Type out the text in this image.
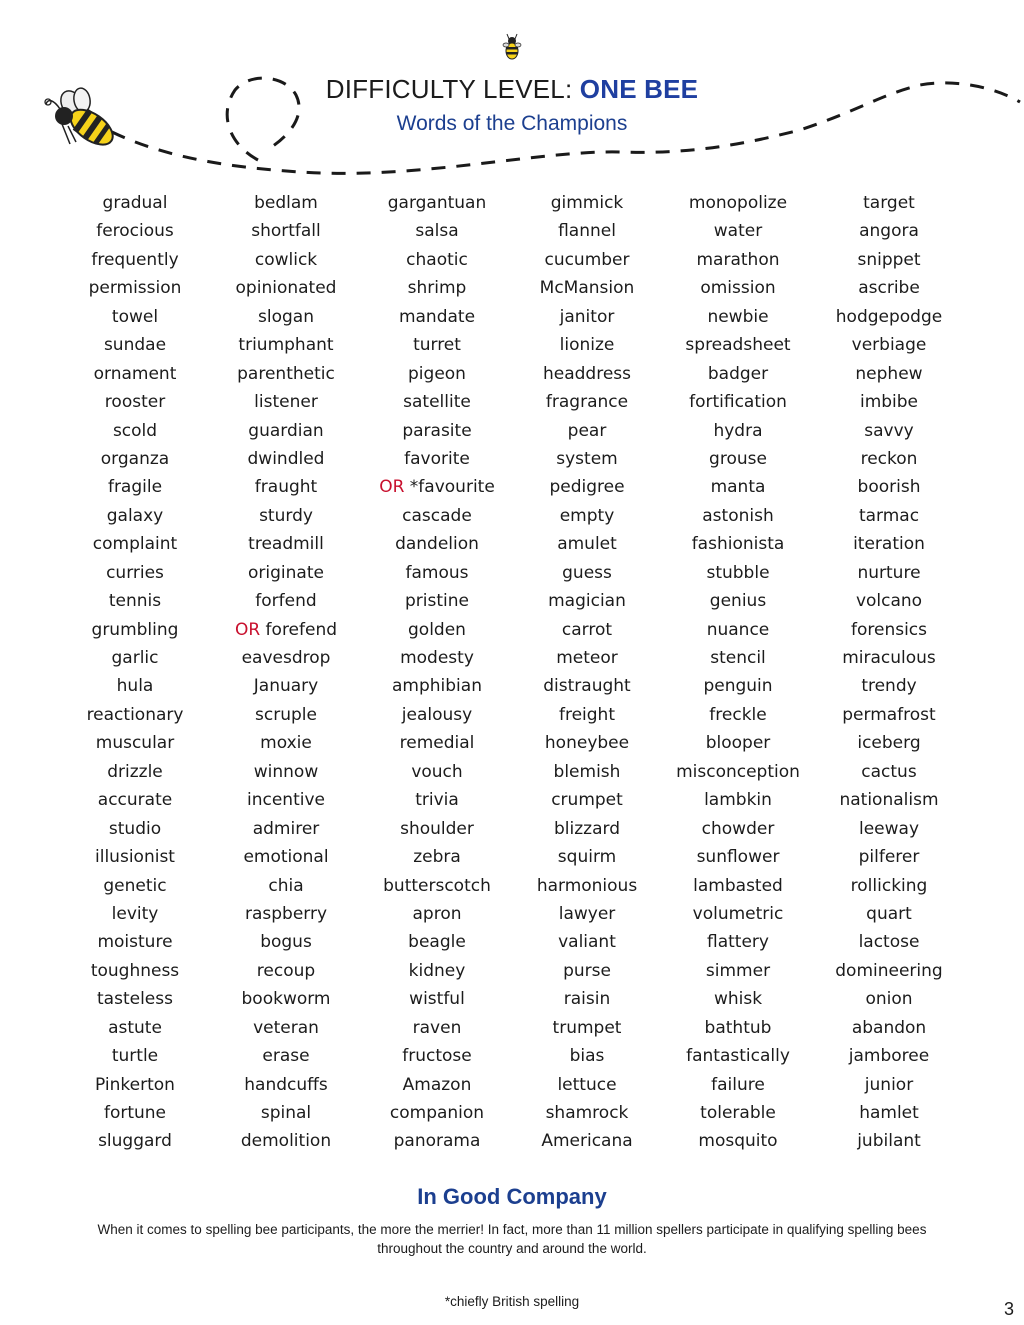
DIFFICULTY LEVEL: ONE BEE
Words of the Champions
gradual
ferocious
frequently
permission
towel
sundae
ornament
rooster
scold
organza
fragile
galaxy
complaint
curries
tennis
grumbling
garlic
hula
reactionary
muscular
drizzle
accurate
studio
illusionist
genetic
levity
moisture
toughness
tasteless
astute
turtle
Pinkerton
fortune
sluggard
bedlam
shortfall
cowlick
opinionated
slogan
triumphant
parenthetic
listener
guardian
dwindled
fraught
sturdy
treadmill
originate
forfend
OR forefend
eavesdrop
January
scruple
moxie
winnow
incentive
admirer
emotional
chia
raspberry
bogus
recoup
bookworm
veteran
erase
handcuffs
spinal
demolition
gargantuan
salsa
chaotic
shrimp
mandate
turret
pigeon
satellite
parasite
favorite
OR *favourite
cascade
dandelion
famous
pristine
golden
modesty
amphibian
jealousy
remedial
vouch
trivia
shoulder
zebra
butterscotch
apron
beagle
kidney
wistful
raven
fructose
Amazon
companion
panorama
gimmick
flannel
cucumber
McMansion
janitor
lionize
headdress
fragrance
pear
system
pedigree
empty
amulet
guess
magician
carrot
meteor
distraught
freight
honeybee
blemish
crumpet
blizzard
squirm
harmonious
lawyer
valiant
purse
raisin
trumpet
bias
lettuce
shamrock
Americana
monopolize
water
marathon
omission
newbie
spreadsheet
badger
fortification
hydra
grouse
manta
astonish
fashionista
stubble
genius
nuance
stencil
penguin
freckle
blooper
misconception
lambkin
chowder
sunflower
lambasted
volumetric
flattery
simmer
whisk
bathtub
fantastically
failure
tolerable
mosquito
target
angora
snippet
ascribe
hodgepodge
verbiage
nephew
imbibe
savvy
reckon
boorish
tarmac
iteration
nurture
volcano
forensics
miraculous
trendy
permafrost
iceberg
cactus
nationalism
leeway
pilferer
rollicking
quart
lactose
domineering
onion
abandon
jamboree
junior
hamlet
jubilant
In Good Company
When it comes to spelling bee participants, the more the merrier! In fact, more than 11 million spellers participate in qualifying spelling bees throughout the country and around the world.
*chiefly British spelling	3
